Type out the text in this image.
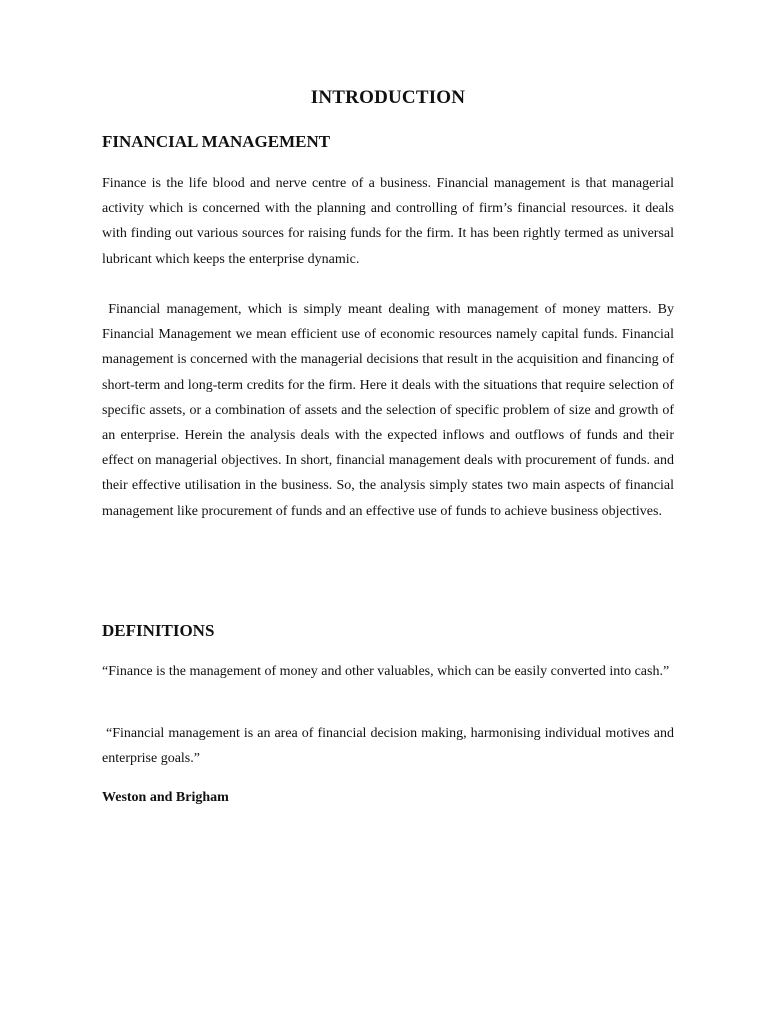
INTRODUCTION
FINANCIAL MANAGEMENT

Finance is the life blood and nerve centre of a business. Financial management is that managerial activity which is concerned with the planning and controlling of firm’s financial resources. it deals with finding out various sources for raising funds for the firm. It has been rightly termed as universal lubricant which keeps the enterprise dynamic.

Financial management, which is simply meant dealing with management of money matters. By Financial Management we mean efficient use of economic resources namely capital funds. Financial management is concerned with the managerial decisions that result in the acquisition and financing of short-term and long-term credits for the firm. Here it deals with the situations that require selection of specific assets, or a combination of assets and the selection of specific problem of size and growth of an enterprise. Herein the analysis deals with the expected inflows and outflows of funds and their effect on managerial objectives. In short, financial management deals with procurement of funds. and their effective utilisation in the business. So, the analysis simply states two main aspects of financial management like procurement of funds and an effective use of funds to achieve business objectives.

DEFINITIONS

“Finance is the management of money and other valuables, which can be easily converted into cash.”

“Financial management is an area of financial decision making, harmonising individual motives and enterprise goals.”

Weston and Brigham
